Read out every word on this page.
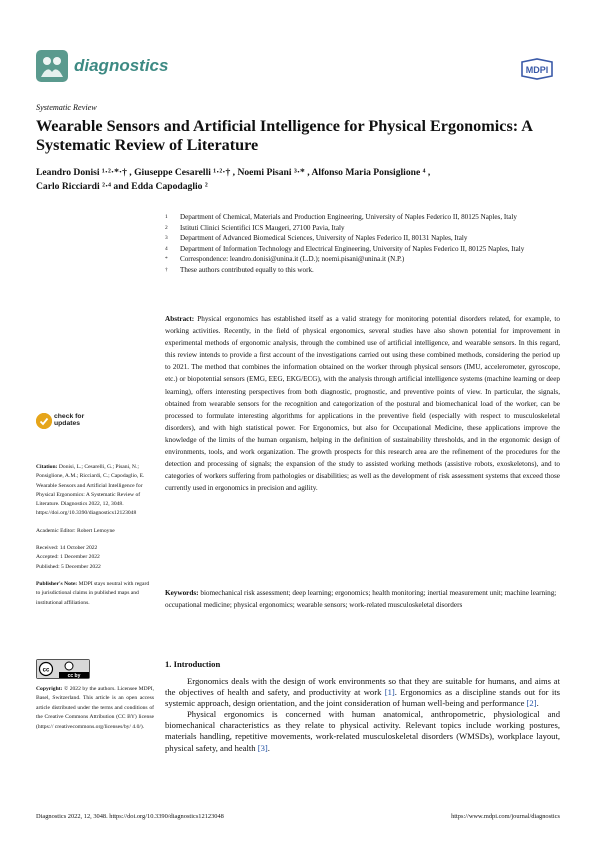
diagnostics	MDPI
Systematic Review
Wearable Sensors and Artificial Intelligence for Physical Ergonomics: A Systematic Review of Literature
Leandro Donisi ¹·²·*·† , Giuseppe Cesarelli ¹·²·† , Noemi Pisani ³·* , Alfonso Maria Ponsiglione ⁴ ,
Carlo Ricciardi ²·⁴ and Edda Capodaglio ²
1	Department of Chemical, Materials and Production Engineering, University of Naples Federico II, 80125 Naples, Italy
2	Istituti Clinici Scientifici ICS Maugeri, 27100 Pavia, Italy
3	Department of Advanced Biomedical Sciences, University of Naples Federico II, 80131 Naples, Italy
4	Department of Information Technology and Electrical Engineering, University of Naples Federico II, 80125 Naples, Italy
*	Correspondence: leandro.donisi@unina.it (L.D.); noemi.pisani@unina.it (N.P.)
†	These authors contributed equally to this work.
Abstract: Physical ergonomics has established itself as a valid strategy for monitoring potential disorders related, for example, to working activities. Recently, in the field of physical ergonomics, several studies have also shown potential for improvement in experimental methods of ergonomic analysis, through the combined use of artificial intelligence, and wearable sensors. In this regard, this review intends to provide a first account of the investigations carried out using these combined methods, considering the period up to 2021. The method that combines the information obtained on the worker through physical sensors (IMU, accelerometer, gyroscope, etc.) or biopotential sensors (EMG, EEG, EKG/ECG), with the analysis through artificial intelligence systems (machine learning or deep learning), offers interesting perspectives from both diagnostic, prognostic, and preventive points of view. In particular, the signals, obtained from wearable sensors for the recognition and categorization of the postural and biomechanical load of the worker, can be processed to formulate interesting algorithms for applications in the preventive field (especially with respect to musculoskeletal disorders), and with high statistical power. For Ergonomics, but also for Occupational Medicine, these applications improve the knowledge of the limits of the human organism, helping in the definition of sustainability thresholds, and in the ergonomic design of environments, tools, and work organization. The growth prospects for this research area are the refinement of the procedures for the detection and processing of signals; the expansion of the study to assisted working methods (assistive robots, exoskeletons), and to categories of workers suffering from pathologies or disabilities; as well as the development of risk assessment systems that exceed those currently used in ergonomics in precision and agility.
Keywords: biomechanical risk assessment; deep learning; ergonomics; health monitoring; inertial measurement unit; machine learning; occupational medicine; physical ergonomics; wearable sensors; work-related musculoskeletal disorders
check for
updates

Citation: Donisi, L.; Cesarelli, G.; Pisani, N.; Ponsiglione, A.M.; Ricciardi, C.; Capodaglio, E. Wearable Sensors and Artificial Intelligence for Physical Ergonomics: A Systematic Review of Literature. Diagnostics 2022, 12, 3048. https://doi.org/10.3390/diagnostics12123048

Academic Editor: Robert Lemoyne

Received: 14 October 2022

Accepted: 1 December 2022

Published: 5 December 2022

Publisher's Note: MDPI stays neutral with regard to jurisdictional claims in published maps and institutional affiliations.

cc
cc by
Copyright: © 2022 by the authors. Licensee MDPI, Basel, Switzerland. This article is an open access article distributed under the terms and conditions of the Creative Commons Attribution (CC BY) license (https:// creativecommons.org/licenses/by/ 4.0/).
1. Introduction

Ergonomics deals with the design of work environments so that they are suitable for humans, and aims at the objectives of health and safety, and productivity at work [1]. Ergonomics as a discipline stands out for its systemic approach, design orientation, and the joint consideration of human well-being and performance [2].

Physical ergonomics is concerned with human anatomical, anthropometric, physiological and biomechanical characteristics as they relate to physical activity. Relevant topics include working postures, materials handling, repetitive movements, work-related musculoskeletal disorders (WMSDs), workplace layout, physical safety, and health [3].

Diagnostics 2022, 12, 3048. https://doi.org/10.3390/diagnostics12123048	https://www.mdpi.com/journal/diagnostics
